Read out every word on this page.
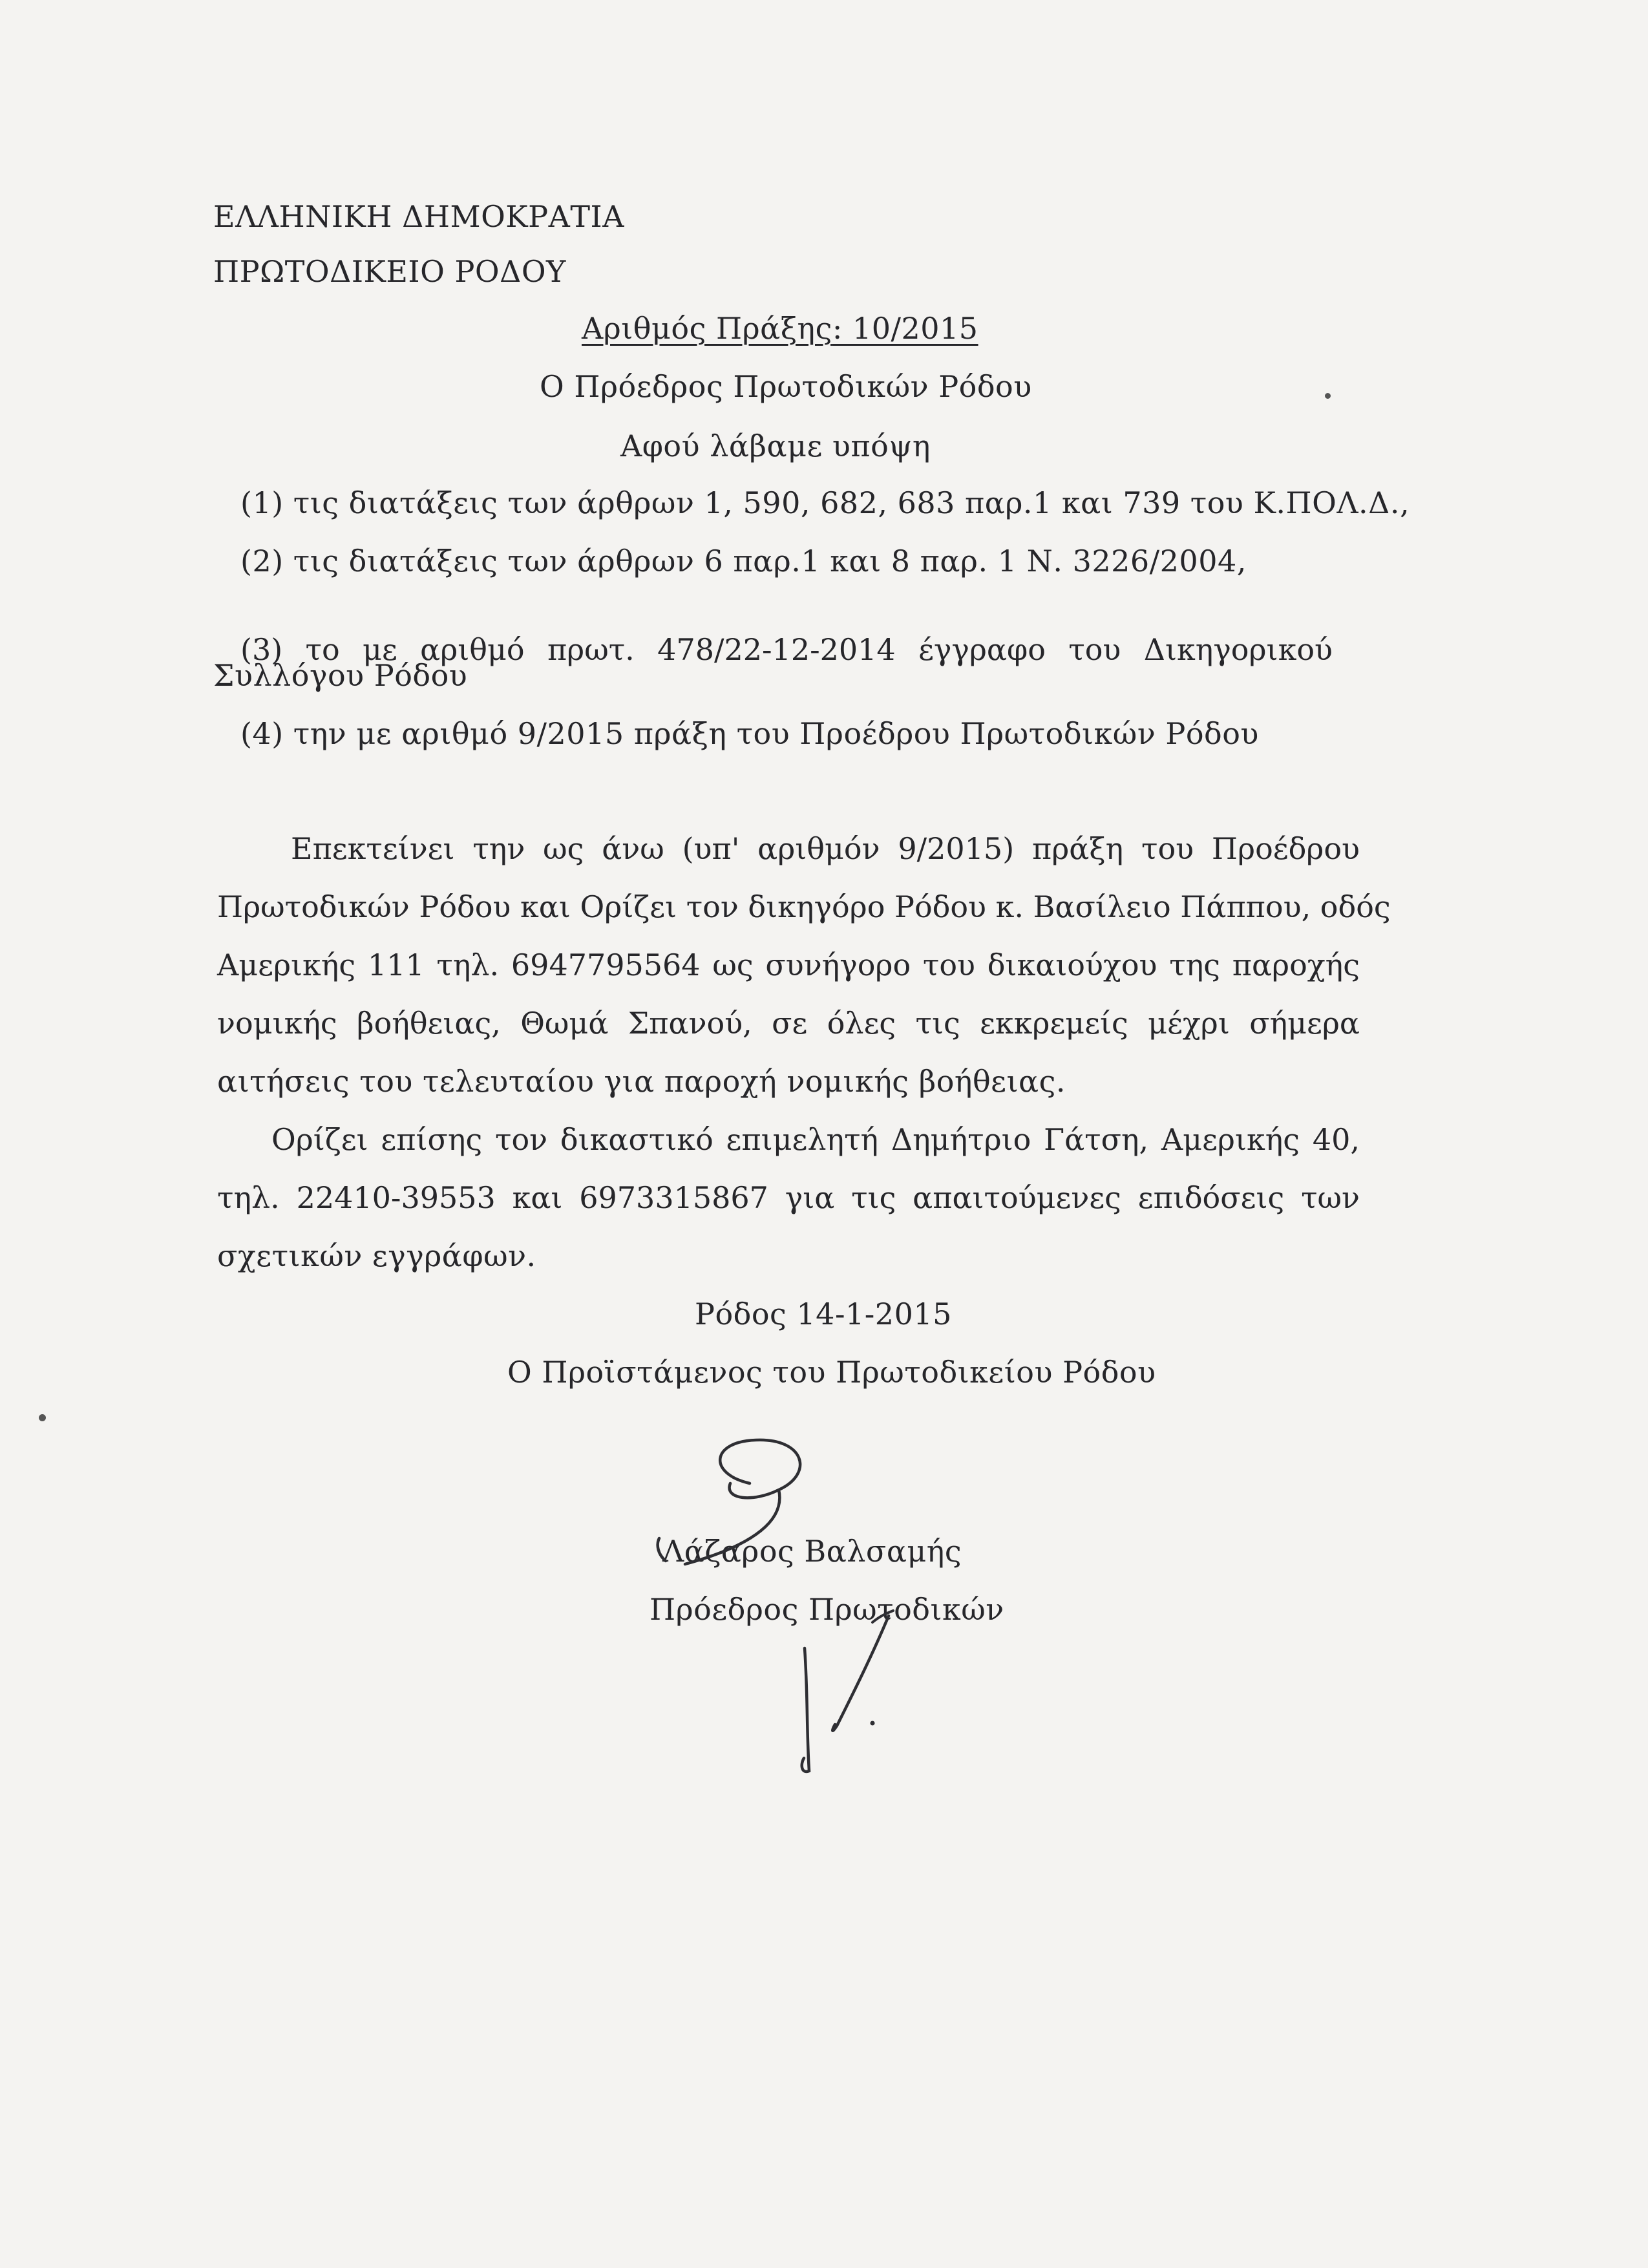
ΕΛΛΗΝΙΚΗ ΔΗΜΟΚΡΑΤΙΑ
ΠΡΩΤΟΔΙΚΕΙΟ ΡΟΔΟΥ
Αριθμός Πράξης: 10/2015
Ο Πρόεδρος Πρωτοδικών Ρόδου
Αφού λάβαμε υπόψη
(1) τις διατάξεις των άρθρων 1, 590, 682, 683 παρ.1 και 739 του Κ.ΠΟΛ.Δ.,
(2) τις διατάξεις των άρθρων 6 παρ.1 και 8 παρ. 1 Ν. 3226/2004,
(3) το με αριθμό πρωτ. 478/22-12-2014 έγγραφο του Δικηγορικού
Συλλόγου Ρόδου
(4) την με αριθμό 9/2015 πράξη του Προέδρου Πρωτοδικών Ρόδου
Επεκτείνει την ως άνω (υπ' αριθμόν 9/2015) πράξη του Προέδρου
Πρωτοδικών Ρόδου και Ορίζει τον δικηγόρο Ρόδου κ. Βασίλειο Πάππου, οδός
Αμερικής 111 τηλ. 6947795564 ως συνήγορο του δικαιούχου της παροχής
νομικής βοήθειας, Θωμά Σπανού, σε όλες τις εκκρεμείς μέχρι σήμερα
αιτήσεις του τελευταίου για παροχή νομικής βοήθειας.
Ορίζει επίσης τον δικαστικό επιμελητή Δημήτριο Γάτση, Αμερικής 40,
τηλ. 22410-39553 και 6973315867 για τις απαιτούμενες επιδόσεις των
σχετικών εγγράφων.
Ρόδος 14-1-2015
Ο Προϊστάμενος του Πρωτοδικείου Ρόδου
Λάζαρος Βαλσαμής
Πρόεδρος Πρωτοδικών
